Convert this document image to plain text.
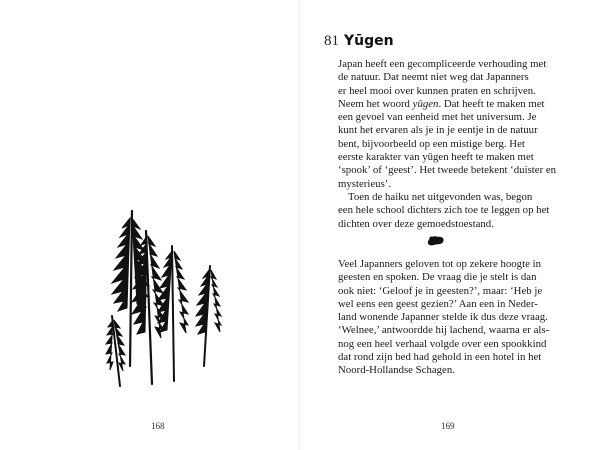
168
81 Yūgen
Japan heeft een gecompliceerde verhouding met
de natuur. Dat neemt niet weg dat Japanners
er heel mooi over kunnen praten en schrijven.
Neem het woord yūgen. Dat heeft te maken met
een gevoel van eenheid met het universum. Je
kunt het ervaren als je in je eentje in de natuur
bent, bijvoorbeeld op een mistige berg. Het
eerste karakter van yūgen heeft te maken met
‘spook’ of ‘geest’. Het tweede betekent ‘duister en
mysterieus’.
Toen de haiku net uitgevonden was, begon
een hele school dichters zich toe te leggen op het
dichten over deze gemoedstoestand.
Veel Japanners geloven tot op zekere hoogte in
geesten en spoken. De vraag die je stelt is dan
ook niet: ‘Geloof je in geesten?’, maar: ‘Heb je
wel eens een geest gezien?’ Aan een in Neder-
land wonende Japanner stelde ik dus deze vraag.
‘Welnee,’ antwoordde hij lachend, waarna er als-
nog een heel verhaal volgde over een spookkind
dat rond zijn bed had gehold in een hotel in het
Noord-Hollandse Schagen.
169
